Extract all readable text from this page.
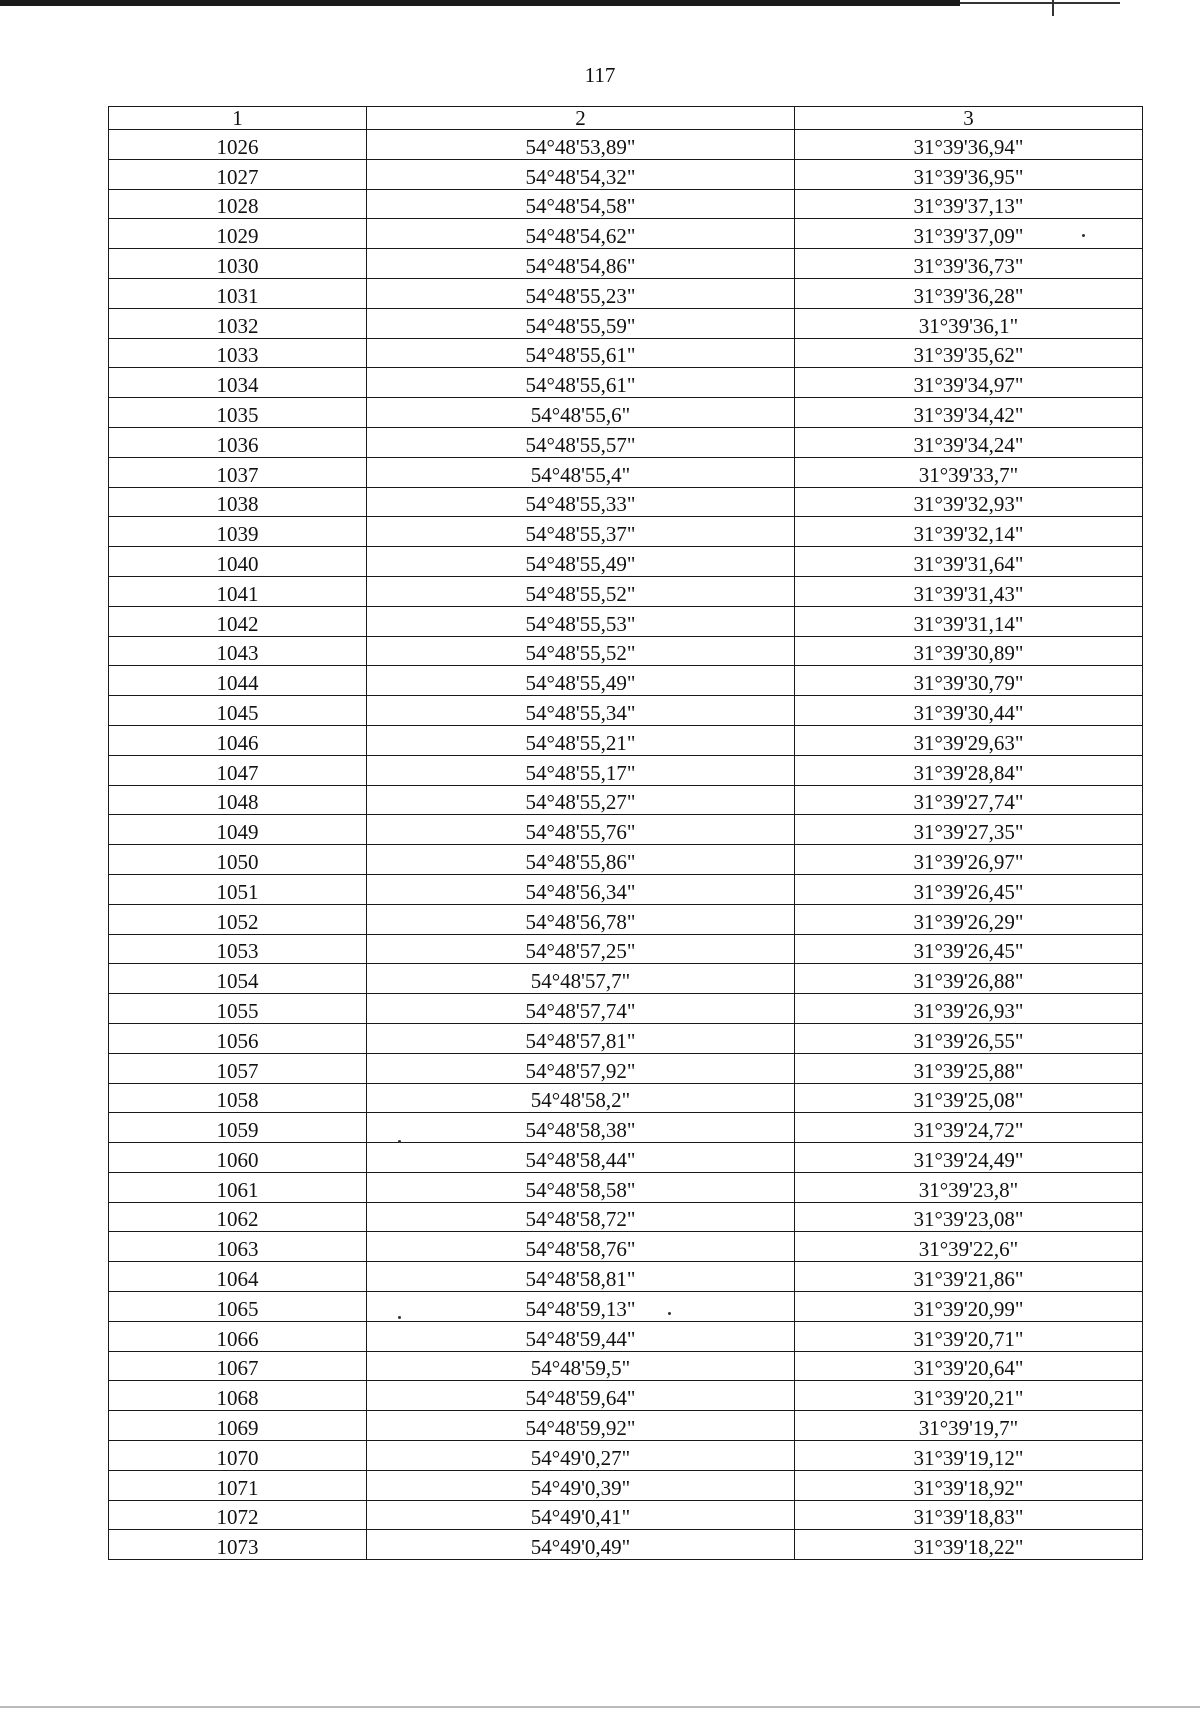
117
1	2	3
1026	54°48'53,89"	31°39'36,94"
1027	54°48'54,32"	31°39'36,95"
1028	54°48'54,58"	31°39'37,13"
1029	54°48'54,62"	31°39'37,09"
1030	54°48'54,86"	31°39'36,73"
1031	54°48'55,23"	31°39'36,28"
1032	54°48'55,59"	31°39'36,1"
1033	54°48'55,61"	31°39'35,62"
1034	54°48'55,61"	31°39'34,97"
1035	54°48'55,6"	31°39'34,42"
1036	54°48'55,57"	31°39'34,24"
1037	54°48'55,4"	31°39'33,7"
1038	54°48'55,33"	31°39'32,93"
1039	54°48'55,37"	31°39'32,14"
1040	54°48'55,49"	31°39'31,64"
1041	54°48'55,52"	31°39'31,43"
1042	54°48'55,53"	31°39'31,14"
1043	54°48'55,52"	31°39'30,89"
1044	54°48'55,49"	31°39'30,79"
1045	54°48'55,34"	31°39'30,44"
1046	54°48'55,21"	31°39'29,63"
1047	54°48'55,17"	31°39'28,84"
1048	54°48'55,27"	31°39'27,74"
1049	54°48'55,76"	31°39'27,35"
1050	54°48'55,86"	31°39'26,97"
1051	54°48'56,34"	31°39'26,45"
1052	54°48'56,78"	31°39'26,29"
1053	54°48'57,25"	31°39'26,45"
1054	54°48'57,7"	31°39'26,88"
1055	54°48'57,74"	31°39'26,93"
1056	54°48'57,81"	31°39'26,55"
1057	54°48'57,92"	31°39'25,88"
1058	54°48'58,2"	31°39'25,08"
1059	54°48'58,38"	31°39'24,72"
1060	54°48'58,44"	31°39'24,49"
1061	54°48'58,58"	31°39'23,8"
1062	54°48'58,72"	31°39'23,08"
1063	54°48'58,76"	31°39'22,6"
1064	54°48'58,81"	31°39'21,86"
1065	54°48'59,13"	31°39'20,99"
1066	54°48'59,44"	31°39'20,71"
1067	54°48'59,5"	31°39'20,64"
1068	54°48'59,64"	31°39'20,21"
1069	54°48'59,92"	31°39'19,7"
1070	54°49'0,27"	31°39'19,12"
1071	54°49'0,39"	31°39'18,92"
1072	54°49'0,41"	31°39'18,83"
1073	54°49'0,49"	31°39'18,22"
